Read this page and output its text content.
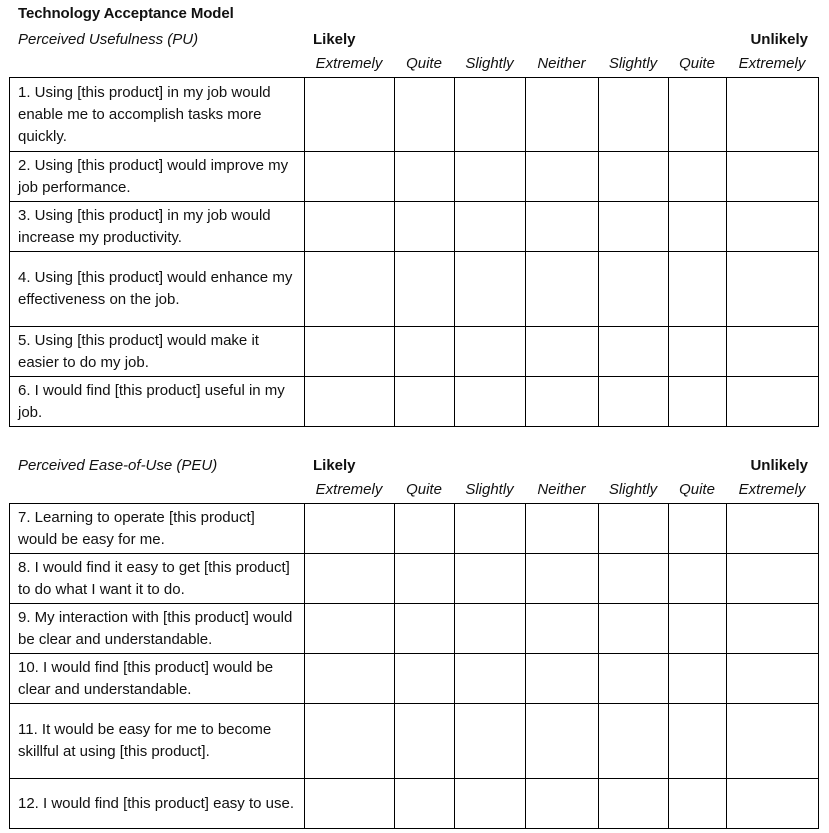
Technology Acceptance Model
Perceived Usefulness (PU)	Likely	Unlikely
Extremely	Quite	Slightly	Neither	Slightly	Quite	Extremely
1. Using [this product] in my job would enable me to accomplish tasks more quickly.							
2. Using [this product] would improve my job performance.							
3. Using [this product] in my job would increase my productivity.							
4. Using [this product] would enhance my effectiveness on the job.							
5. Using [this product] would make it easier to do my job.							
6. I would find [this product] useful in my job.							
Perceived Ease-of-Use (PEU)	Likely	Unlikely
Extremely	Quite	Slightly	Neither	Slightly	Quite	Extremely
7. Learning to operate [this product] would be easy for me.							
8. I would find it easy to get [this product] to do what I want it to do.							
9. My interaction with [this product] would be clear and understandable.							
10. I would find [this product] would be clear and understandable.							
11. It would be easy for me to become skillful at using [this product].							
12. I would find [this product] easy to use.							
